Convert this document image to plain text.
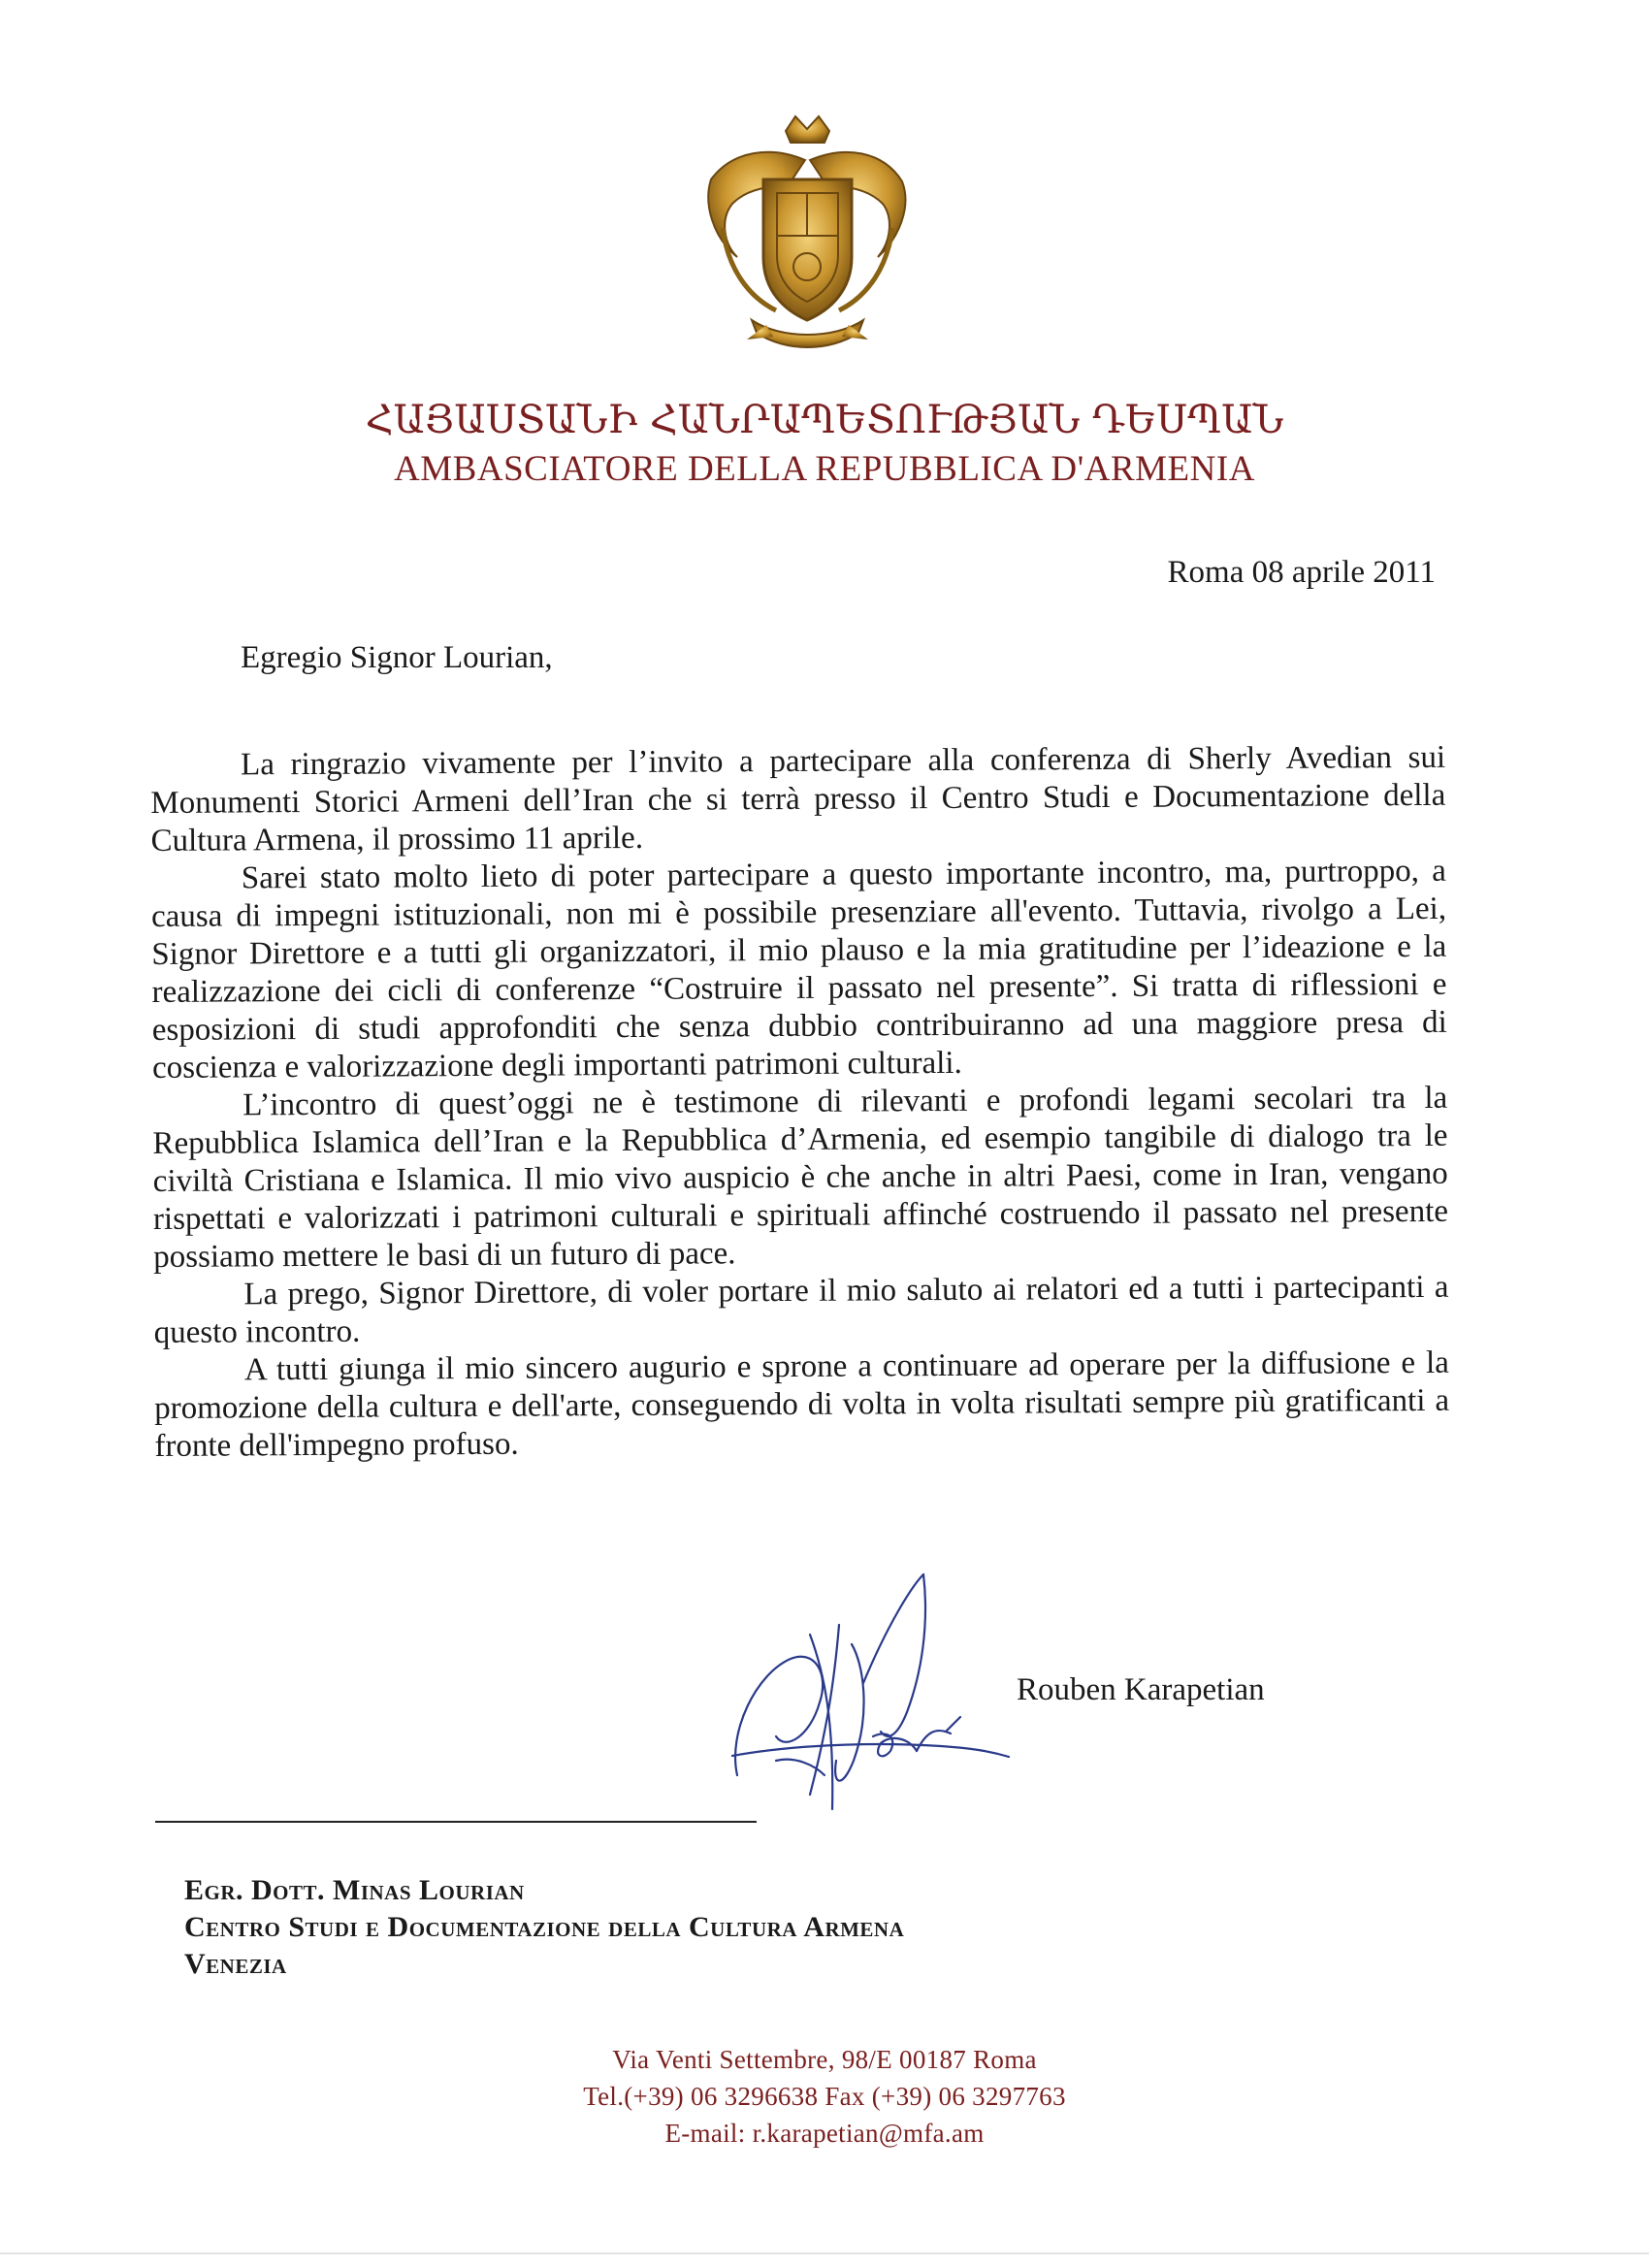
ՀԱՅԱՍՏԱՆԻ ՀԱՆՐԱՊԵՏՈՒԹՅԱՆ ԴԵՍՊԱՆ
AMBASCIATORE DELLA REPUBBLICA D'ARMENIA
Roma 08 aprile 2011
Egregio Signor Lourian,

La ringrazio vivamente per l’invito a partecipare alla conferenza di Sherly Avedian sui Monumenti Storici Armeni dell’Iran che si terrà presso il Centro Studi e Documentazione della Cultura Armena, il prossimo 11 aprile.

Sarei stato molto lieto di poter partecipare a questo importante incontro, ma, purtroppo, a causa di impegni istituzionali, non mi è possibile presenziare all'evento. Tuttavia, rivolgo a Lei, Signor Direttore e a tutti gli organizzatori, il mio plauso e la mia gratitudine per l’ideazione e la realizzazione dei cicli di conferenze “Costruire il passato nel presente”. Si tratta di riflessioni e esposizioni di studi approfonditi che senza dubbio contribuiranno ad una maggiore presa di coscienza e valorizzazione degli importanti patrimoni culturali.

L’incontro di quest’oggi ne è testimone di rilevanti e profondi legami secolari tra la Repubblica Islamica dell’Iran e la Repubblica d’Armenia, ed esempio tangibile di dialogo tra le civiltà Cristiana e Islamica. Il mio vivo auspicio è che anche in altri Paesi, come in Iran, vengano rispettati e valorizzati i patrimoni culturali e spirituali affinché costruendo il passato nel presente possiamo mettere le basi di un futuro di pace.

La prego, Signor Direttore, di voler portare il mio saluto ai relatori ed a tutti i partecipanti a questo incontro.

A tutti giunga il mio sincero augurio e sprone a continuare ad operare per la diffusione e la promozione della cultura e dell'arte, conseguendo di volta in volta risultati sempre più gratificanti a fronte dell'impegno profuso.

Rouben Karapetian
Egr. Dott. Minas Lourian
Centro Studi e Documentazione della Cultura Armena
Venezia
Via Venti Settembre, 98/E 00187 Roma
Tel.(+39) 06 3296638 Fax (+39) 06 3297763
E-mail: r.karapetian@mfa.am
